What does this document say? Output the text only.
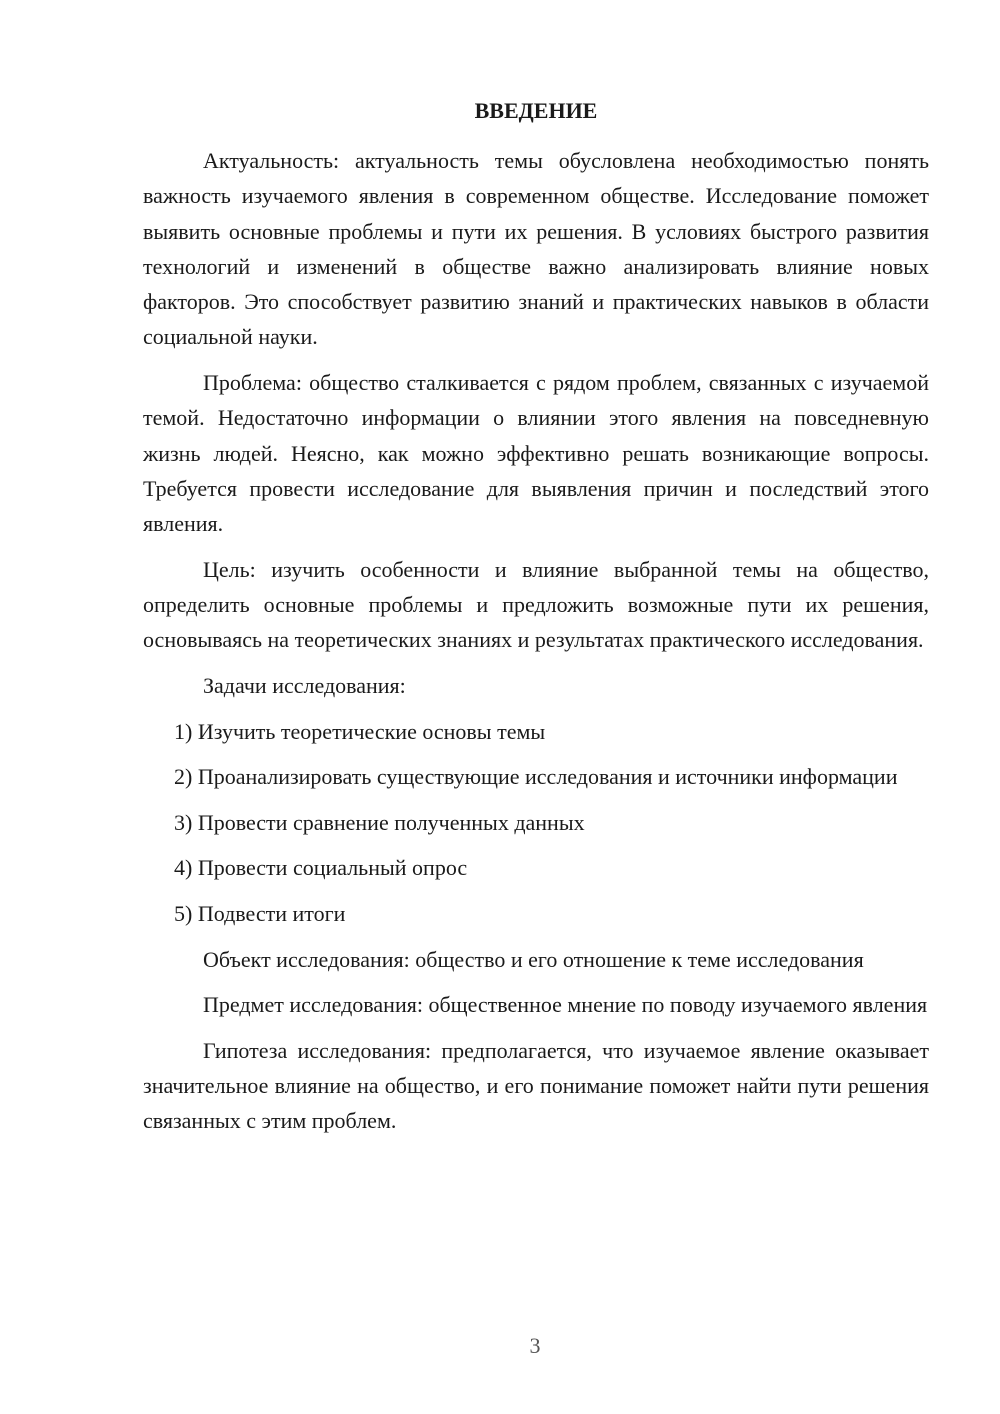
ВВЕДЕНИЕ

Актуальность: актуальность темы обусловлена необходимостью понять важность изучаемого явления в современном обществе. Исследование поможет выявить основные проблемы и пути их решения. В условиях быстрого развития технологий и изменений в обществе важно анализировать влияние новых факторов. Это способствует развитию знаний и практических навыков в области социальной науки.

Проблема: общество сталкивается с рядом проблем, связанных с изучаемой темой. Недостаточно информации о влиянии этого явления на повседневную жизнь людей. Неясно, как можно эффективно решать возникающие вопросы. Требуется провести исследование для выявления причин и последствий этого явления.

Цель: изучить особенности и влияние выбранной темы на общество, определить основные проблемы и предложить возможные пути их решения, основываясь на теоретических знаниях и результатах практического исследования.

Задачи исследования:

1) Изучить теоретические основы темы

2) Проанализировать существующие исследования и источники информации

3) Провести сравнение полученных данных

4) Провести социальный опрос

5) Подвести итоги

Объект исследования: общество и его отношение к теме исследования

Предмет исследования: общественное мнение по поводу изучаемого явления

Гипотеза исследования: предполагается, что изучаемое явление оказывает значительное влияние на общество, и его понимание поможет найти пути решения связанных с этим проблем.

3
